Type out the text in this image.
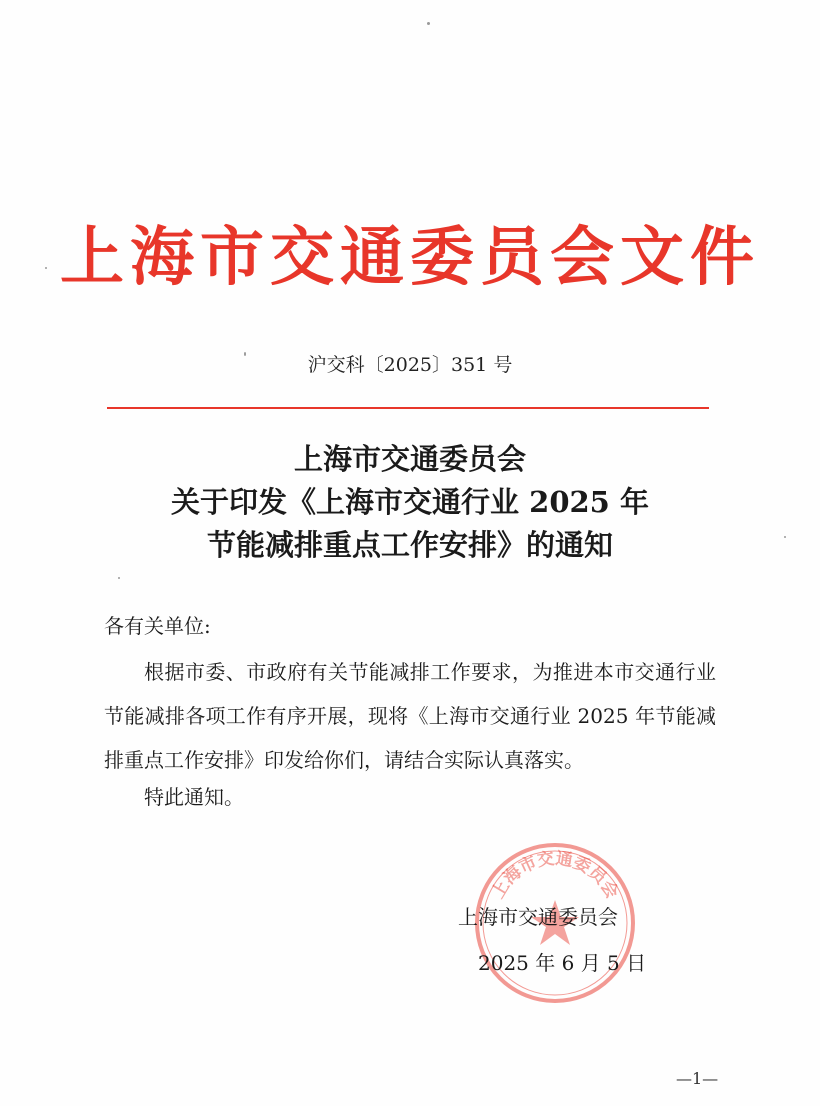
上海市交通委员会文件
沪交科〔2025〕351 号
上海市交通委员会
关于印发《上海市交通行业 2025 年
节能减排重点工作安排》的通知
各有关单位:
根据市委、市政府有关节能减排工作要求，为推进本市交通行业节能减排各项工作有序开展，现将《上海市交通行业 2025 年节能减排重点工作安排》印发给你们，请结合实际认真落实。
特此通知。
上海市交通委员会
上海市交通委员会
2025 年 6 月 5 日
—1—
